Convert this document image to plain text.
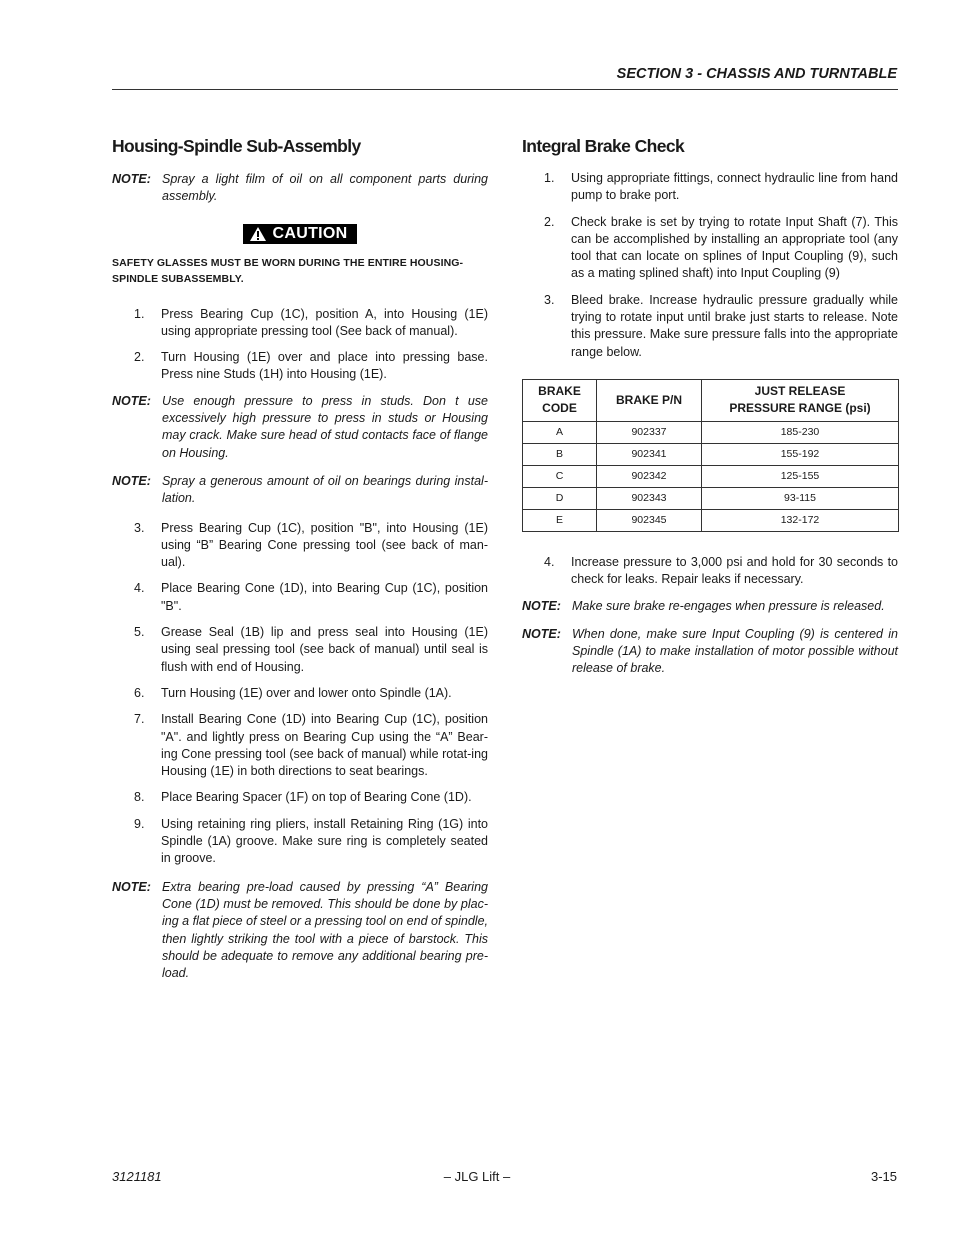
SECTION 3 - CHASSIS AND TURNTABLE
Housing-Spindle Sub-Assembly
NOTE: Spray a light film of oil on all component parts during assembly.
CAUTION
SAFETY GLASSES MUST BE WORN DURING THE ENTIRE HOUSING-SPINDLE SUBASSEMBLY.
1.	Press Bearing Cup (1C), position A, into Housing (1E) using appropriate pressing tool (See back of manual).
2.	Turn Housing (1E) over and place into pressing base. Press nine Studs (1H) into Housing (1E).
NOTE: Use enough pressure to press in studs. Don t use excessively high pressure to press in studs or Housing may crack. Make sure head of stud contacts face of flange on Housing.
NOTE: Spray a generous amount of oil on bearings during instal-lation.
3.	Press Bearing Cup (1C), position "B", into Housing (1E) using “B” Bearing Cone pressing tool (see back of man-ual).
4.	Place Bearing Cone (1D), into Bearing Cup (1C), position "B".
5.	Grease Seal (1B) lip and press seal into Housing (1E) using seal pressing tool (see back of manual) until seal is flush with end of Housing.
6.	Turn Housing (1E) over and lower onto Spindle (1A).
7.	Install Bearing Cone (1D) into Bearing Cup (1C), position "A". and lightly press on Bearing Cup using the “A” Bear-ing Cone pressing tool (see back of manual) while rotat-ing Housing (1E) in both directions to seat bearings.
8.	Place Bearing Spacer (1F) on top of Bearing Cone (1D).
9.	Using retaining ring pliers, install Retaining Ring (1G) into Spindle (1A) groove. Make sure ring is completely seated in groove.
NOTE: Extra bearing pre-load caused by pressing “A” Bearing Cone (1D) must be removed. This should be done by plac-ing a flat piece of steel or a pressing tool on end of spindle, then lightly striking the tool with a piece of barstock. This should be adequate to remove any additional bearing pre-load.
Integral Brake Check
1.	Using appropriate fittings, connect hydraulic line from hand pump to brake port.
2.	Check brake is set by trying to rotate Input Shaft (7). This can be accomplished by installing an appropriate tool (any tool that can locate on splines of Input Coupling (9), such as a mating splined shaft) into Input Coupling (9)
3.	Bleed brake. Increase hydraulic pressure gradually while trying to rotate input until brake just starts to release. Note this pressure. Make sure pressure falls into the appropriate range below.
BRAKE
CODE	BRAKE P/N	JUST RELEASE
PRESSURE RANGE (psi)
A	902337	185-230
B	902341	155-192
C	902342	125-155
D	902343	93-115
E	902345	132-172
4.	Increase pressure to 3,000 psi and hold for 30 seconds to check for leaks. Repair leaks if necessary.
NOTE: Make sure brake re-engages when pressure is released.
NOTE: When done, make sure Input Coupling (9) is centered in Spindle (1A) to make installation of motor possible without release of brake.
3121181	– JLG Lift –	3-15
